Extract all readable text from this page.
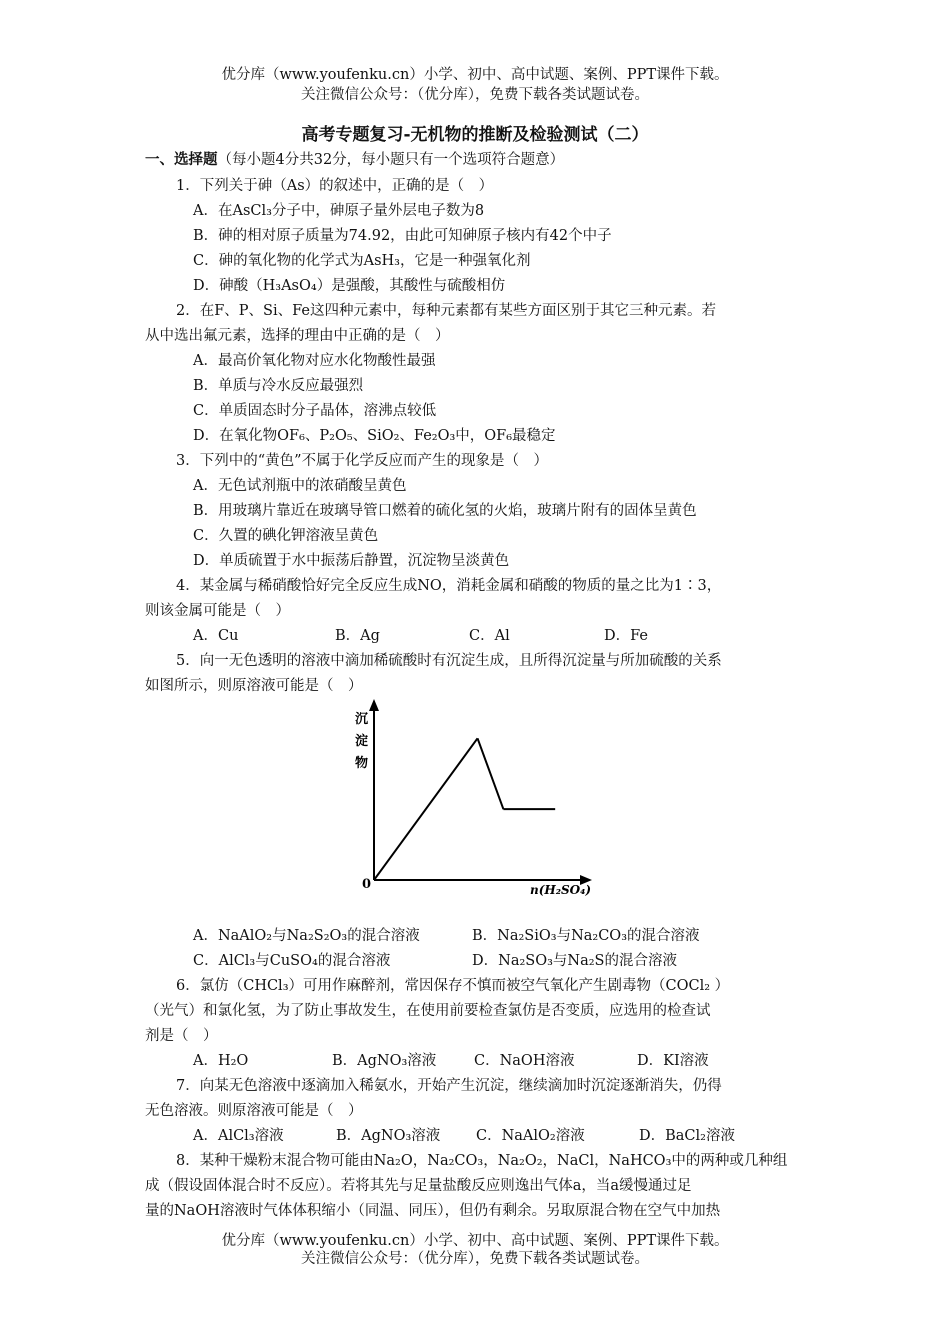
优分库（www.youfenku.cn）小学、初中、高中试题、案例、PPT课件下载。
关注微信公众号：（优分库），免费下载各类试题试卷。
高考专题复习-无机物的推断及检验测试（二）
一、选择题（每小题4分共32分，每小题只有一个选项符合题意）
1．下列关于砷（As）的叙述中，正确的是（　）
A．在AsCl₃分子中，砷原子量外层电子数为8
B．砷的相对原子质量为74.92，由此可知砷原子核内有42个中子
C．砷的氧化物的化学式为AsH₃，它是一种强氧化剂
D．砷酸（H₃AsO₄）是强酸，其酸性与硫酸相仿
2．在F、P、Si、Fe这四种元素中，每种元素都有某些方面区别于其它三种元素。若
从中选出氟元素，选择的理由中正确的是（　）
A．最高价氧化物对应水化物酸性最强
B．单质与冷水反应最强烈
C．单质固态时分子晶体，溶沸点较低
D．在氧化物OF₆、P₂O₅、SiO₂、Fe₂O₃中，OF₆最稳定
3．下列中的“黄色”不属于化学反应而产生的现象是（　）
A．无色试剂瓶中的浓硝酸呈黄色
B．用玻璃片靠近在玻璃导管口燃着的硫化氢的火焰，玻璃片附有的固体呈黄色
C．久置的碘化钾溶液呈黄色
D．单质硫置于水中振荡后静置，沉淀物呈淡黄色
4．某金属与稀硝酸恰好完全反应生成NO，消耗金属和硝酸的物质的量之比为1∶3，
则该金属可能是（　）
A．Cu	B．Ag	C．Al	D．Fe
5．向一无色透明的溶液中滴加稀硫酸时有沉淀生成，且所得沉淀量与所加硫酸的关系
如图所示，则原溶液可能是（　）
沉
淀
物
0	n(H₂SO₄)
A．NaAlO₂与Na₂S₂O₃的混合溶液	B．Na₂SiO₃与Na₂CO₃的混合溶液
C．AlCl₃与CuSO₄的混合溶液	D．Na₂SO₃与Na₂S的混合溶液
6．氯仿（CHCl₃）可用作麻醉剂，常因保存不慎而被空气氧化产生剧毒物（COCl₂ ）
（光气）和氯化氢，为了防止事故发生，在使用前要检查氯仿是否变质，应选用的检查试
剂是（　）
A．H₂O	B．AgNO₃溶液	C．NaOH溶液	D．KI溶液
7．向某无色溶液中逐滴加入稀氨水，开始产生沉淀，继续滴加时沉淀逐渐消失，仍得
无色溶液。则原溶液可能是（　）
A．AlCl₃溶液	B．AgNO₃溶液 C．NaAlO₂溶液	D．BaCl₂溶液
8．某种干燥粉末混合物可能由Na₂O，Na₂CO₃，Na₂O₂，NaCl，NaHCO₃中的两种或几种组
成（假设固体混合时不反应）。若将其先与足量盐酸反应则逸出气体a，当a缓慢通过足
量的NaOH溶液时气体体积缩小（同温、同压），但仍有剩余。另取原混合物在空气中加热
优分库（www.youfenku.cn）小学、初中、高中试题、案例、PPT课件下载。
关注微信公众号：（优分库），免费下载各类试题试卷。
